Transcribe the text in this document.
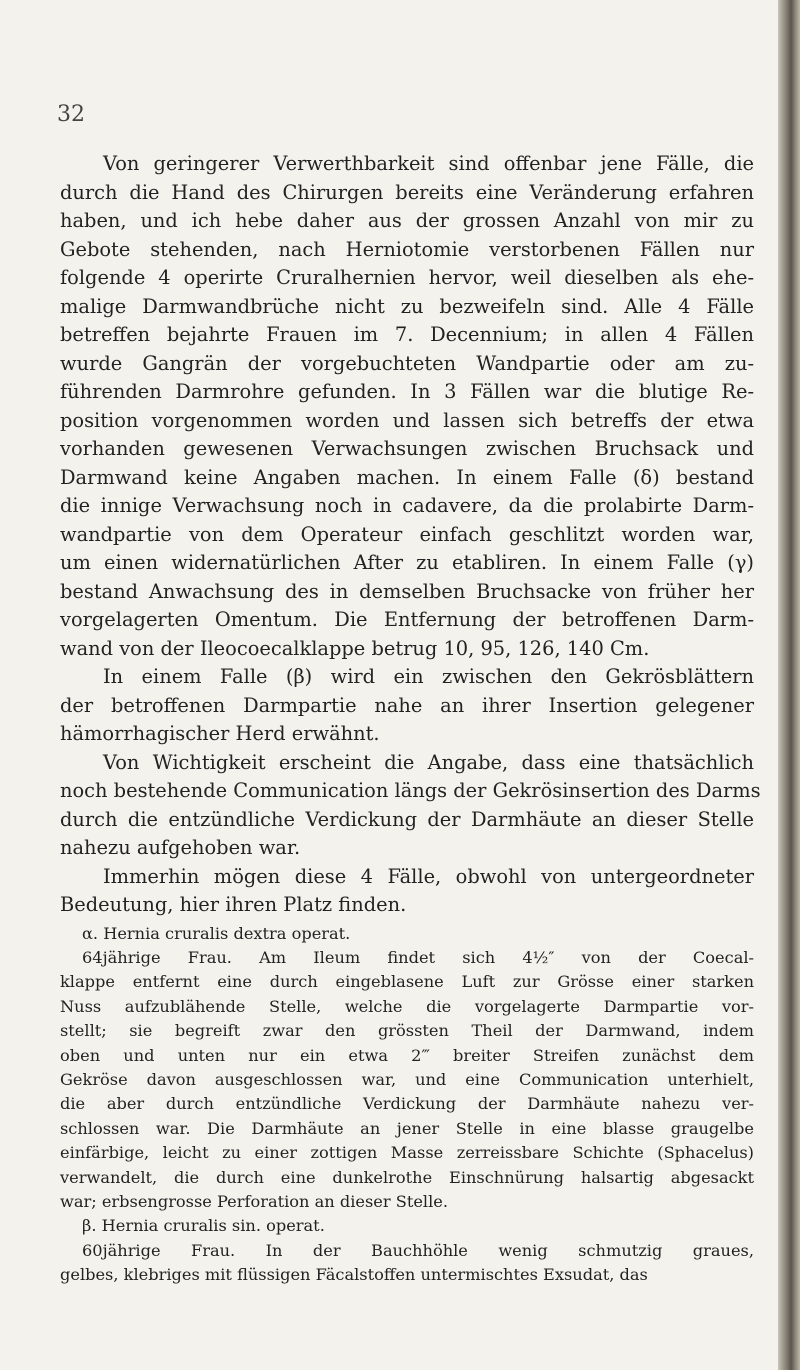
32

Von geringerer Verwerthbarkeit sind offenbar jene Fälle, die
durch die Hand des Chirurgen bereits eine Veränderung erfahren
haben, und ich hebe daher aus der grossen Anzahl von mir zu
Gebote stehenden, nach Herniotomie verstorbenen Fällen nur
folgende 4 operirte Cruralhernien hervor, weil dieselben als ehe-
malige Darmwandbrüche nicht zu bezweifeln sind. Alle 4 Fälle
betreffen bejahrte Frauen im 7. Decennium; in allen 4 Fällen
wurde Gangrän der vorgebuchteten Wandpartie oder am zu-
führenden Darmrohre gefunden. In 3 Fällen war die blutige Re-
position vorgenommen worden und lassen sich betreffs der etwa
vorhanden gewesenen Verwachsungen zwischen Bruchsack und
Darmwand keine Angaben machen. In einem Falle (δ) bestand
die innige Verwachsung noch in cadavere, da die prolabirte Darm-
wandpartie von dem Operateur einfach geschlitzt worden war,
um einen widernatürlichen After zu etabliren. In einem Falle (γ)
bestand Anwachsung des in demselben Bruchsacke von früher her
vorgelagerten Omentum. Die Entfernung der betroffenen Darm-
wand von der Ileocoecalklappe betrug 10, 95, 126, 140 Cm.

In einem Falle (β) wird ein zwischen den Gekrösblättern
der betroffenen Darmpartie nahe an ihrer Insertion gelegener
hämorrhagischer Herd erwähnt.

Von Wichtigkeit erscheint die Angabe, dass eine thatsächlich
noch bestehende Communication längs der Gekrösinsertion des Darms
durch die entzündliche Verdickung der Darmhäute an dieser Stelle
nahezu aufgehoben war.

Immerhin mögen diese 4 Fälle, obwohl von untergeordneter
Bedeutung, hier ihren Platz finden.

α. Hernia cruralis dextra operat.

64jährige Frau. Am Ileum findet sich 4½″ von der Coecal-
klappe entfernt eine durch eingeblasene Luft zur Grösse einer starken
Nuss aufzublähende Stelle, welche die vorgelagerte Darmpartie vor-
stellt; sie begreift zwar den grössten Theil der Darmwand, indem
oben und unten nur ein etwa 2‴ breiter Streifen zunächst dem
Gekröse davon ausgeschlossen war, und eine Communication unterhielt,
die aber durch entzündliche Verdickung der Darmhäute nahezu ver-
schlossen war. Die Darmhäute an jener Stelle in eine blasse graugelbe
einfärbige, leicht zu einer zottigen Masse zerreissbare Schichte (Sphacelus)
verwandelt, die durch eine dunkelrothe Einschnürung halsartig abgesackt
war; erbsengrosse Perforation an dieser Stelle.

β. Hernia cruralis sin. operat.

60jährige Frau. In der Bauchhöhle wenig schmutzig graues,
gelbes, klebriges mit flüssigen Fäcalstoffen untermischtes Exsudat, das
